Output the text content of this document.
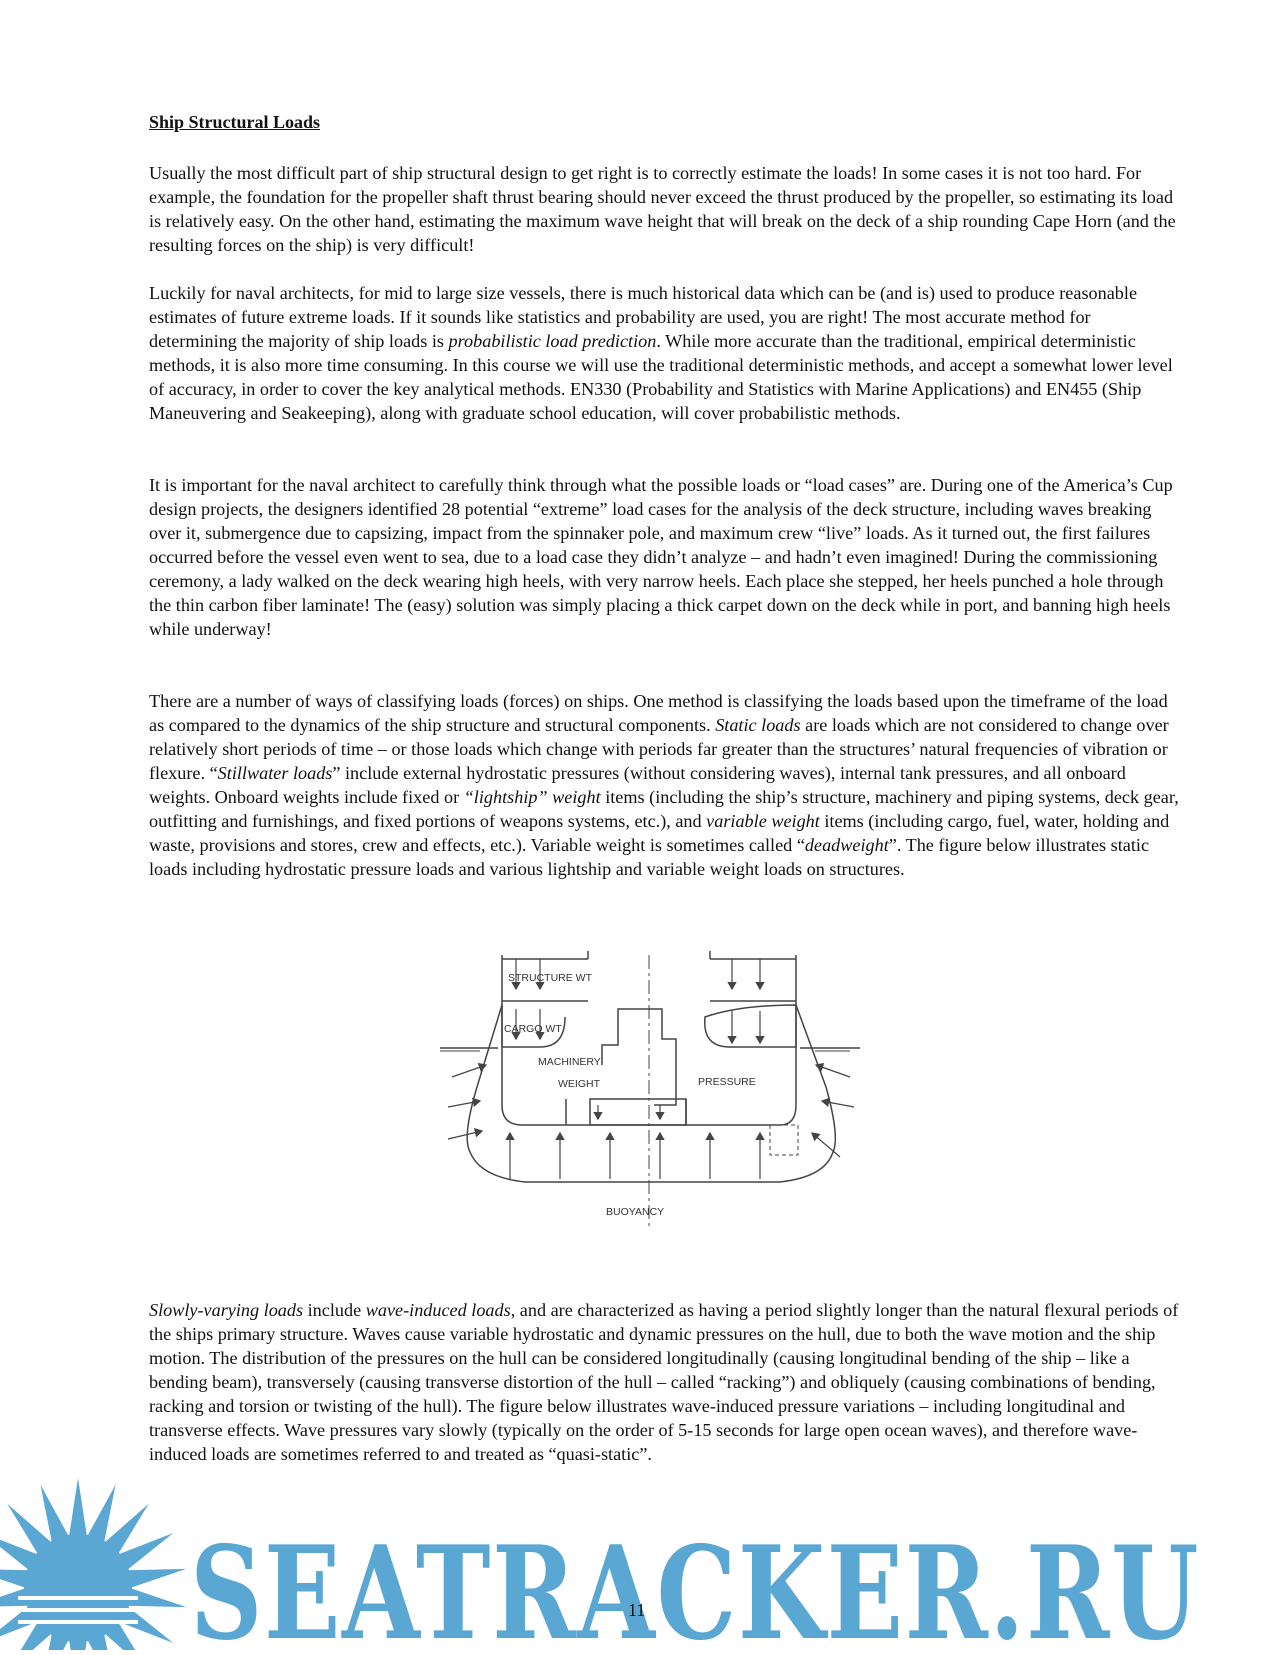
Ship Structural Loads

Usually the most difficult part of ship structural design to get right is to correctly estimate the loads! In some cases it is not too hard. For example, the foundation for the propeller shaft thrust bearing should never exceed the thrust produced by the propeller, so estimating its load is relatively easy. On the other hand, estimating the maximum wave height that will break on the deck of a ship rounding Cape Horn (and the resulting forces on the ship) is very difficult!

Luckily for naval architects, for mid to large size vessels, there is much historical data which can be (and is) used to produce reasonable estimates of future extreme loads. If it sounds like statistics and probability are used, you are right! The most accurate method for determining the majority of ship loads is probabilistic load prediction. While more accurate than the traditional, empirical deterministic methods, it is also more time consuming. In this course we will use the traditional deterministic methods, and accept a somewhat lower level of accuracy, in order to cover the key analytical methods. EN330 (Probability and Statistics with Marine Applications) and EN455 (Ship Maneuvering and Seakeeping), along with graduate school education, will cover probabilistic methods.

It is important for the naval architect to carefully think through what the possible loads or “load cases” are. During one of the America’s Cup design projects, the designers identified 28 potential “extreme” load cases for the analysis of the deck structure, including waves breaking over it, submergence due to capsizing, impact from the spinnaker pole, and maximum crew “live” loads. As it turned out, the first failures occurred before the vessel even went to sea, due to a load case they didn’t analyze – and hadn’t even imagined! During the commissioning ceremony, a lady walked on the deck wearing high heels, with very narrow heels. Each place she stepped, her heels punched a hole through the thin carbon fiber laminate! The (easy) solution was simply placing a thick carpet down on the deck while in port, and banning high heels while underway!

There are a number of ways of classifying loads (forces) on ships. One method is classifying the loads based upon the timeframe of the load as compared to the dynamics of the ship structure and structural components. Static loads are loads which are not considered to change over relatively short periods of time – or those loads which change with periods far greater than the structures’ natural frequencies of vibration or flexure. “Stillwater loads” include external hydrostatic pressures (without considering waves), internal tank pressures, and all onboard weights. Onboard weights include fixed or “lightship” weight items (including the ship’s structure, machinery and piping systems, deck gear, outfitting and furnishings, and fixed portions of weapons systems, etc.), and variable weight items (including cargo, fuel, water, holding and waste, provisions and stores, crew and effects, etc.). Variable weight is sometimes called “deadweight”. The figure below illustrates static loads including hydrostatic pressure loads and various lightship and variable weight loads on structures.

STRUCTURE WT
CARGO WT
MACHINERY
WEIGHT	PRESSURE
BUOYANCY

Slowly-varying loads include wave-induced loads, and are characterized as having a period slightly longer than the natural flexural periods of the ships primary structure. Waves cause variable hydrostatic and dynamic pressures on the hull, due to both the wave motion and the ship motion. The distribution of the pressures on the hull can be considered longitudinally (causing longitudinal bending of the ship – like a bending beam), transversely (causing transverse distortion of the hull – called “racking”) and obliquely (causing combinations of bending, racking and torsion or twisting of the hull). The figure below illustrates wave-induced pressure variations – including longitudinal and transverse effects. Wave pressures vary slowly (typically on the order of 5-15 seconds for large open ocean waves), and therefore wave-induced loads are sometimes referred to and treated as “quasi-static”.

SEATRACKER.RU
11
